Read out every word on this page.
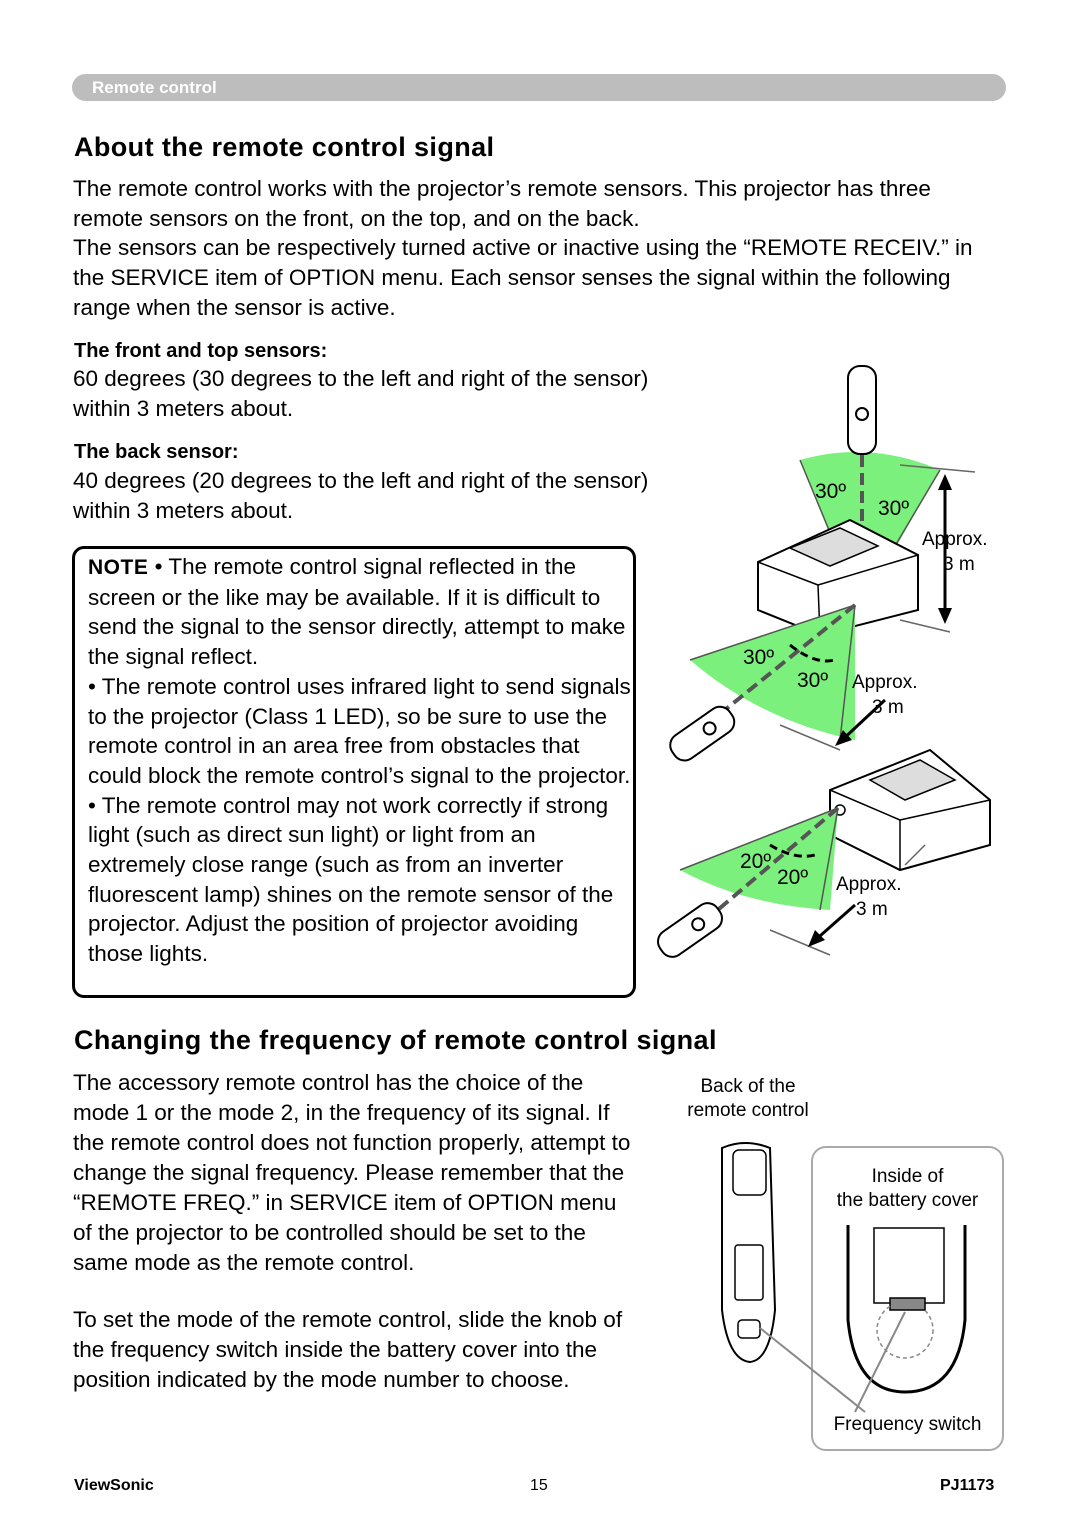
Remote control
About the remote control signal

The remote control works with the projector’s remote sensors. This projector has three remote sensors on the front, on the top, and on the back.

The sensors can be respectively turned active or inactive using the “REMOTE RECEIV.” in the SERVICE item of OPTION menu. Each sensor senses the signal within the following range when the sensor is active.

The front and top sensors:

60 degrees (30 degrees to the left and right of the sensor) within 3 meters about.

The back sensor:

40 degrees (20 degrees to the left and right of the sensor) within 3 meters about.

NOTE • The remote control signal reflected in the screen or the like may be available. If it is difficult to send the signal to the sensor directly, attempt to make the signal reflect.
• The remote control uses infrared light to send signals to the projector (Class 1 LED), so be sure to use the remote control in an area free from obstacles that could block the remote control’s signal to the projector.
• The remote control may not work correctly if strong light (such as direct sun light) or light from an extremely close range (such as from an inverter fluorescent lamp) shines on the remote sensor of the projector. Adjust the position of projector avoiding those lights.
30º
30º
Approx.
3 m
30º
30º Approx.
3 m
20º
20º Approx.
3 m
Changing the frequency of remote control signal

The accessory remote control has the choice of the mode 1 or the mode 2, in the frequency of its signal. If the remote control does not function properly, attempt to change the signal frequency. Please remember that the “REMOTE FREQ.” in SERVICE item of OPTION menu of the projector to be controlled should be set to the same mode as the remote control.

To set the mode of the remote control, slide the knob of the frequency switch inside the battery cover into the position indicated by the mode number to choose.

Back of the
remote control
Inside of
the battery cover
Frequency switch
ViewSonic	15	PJ1173
